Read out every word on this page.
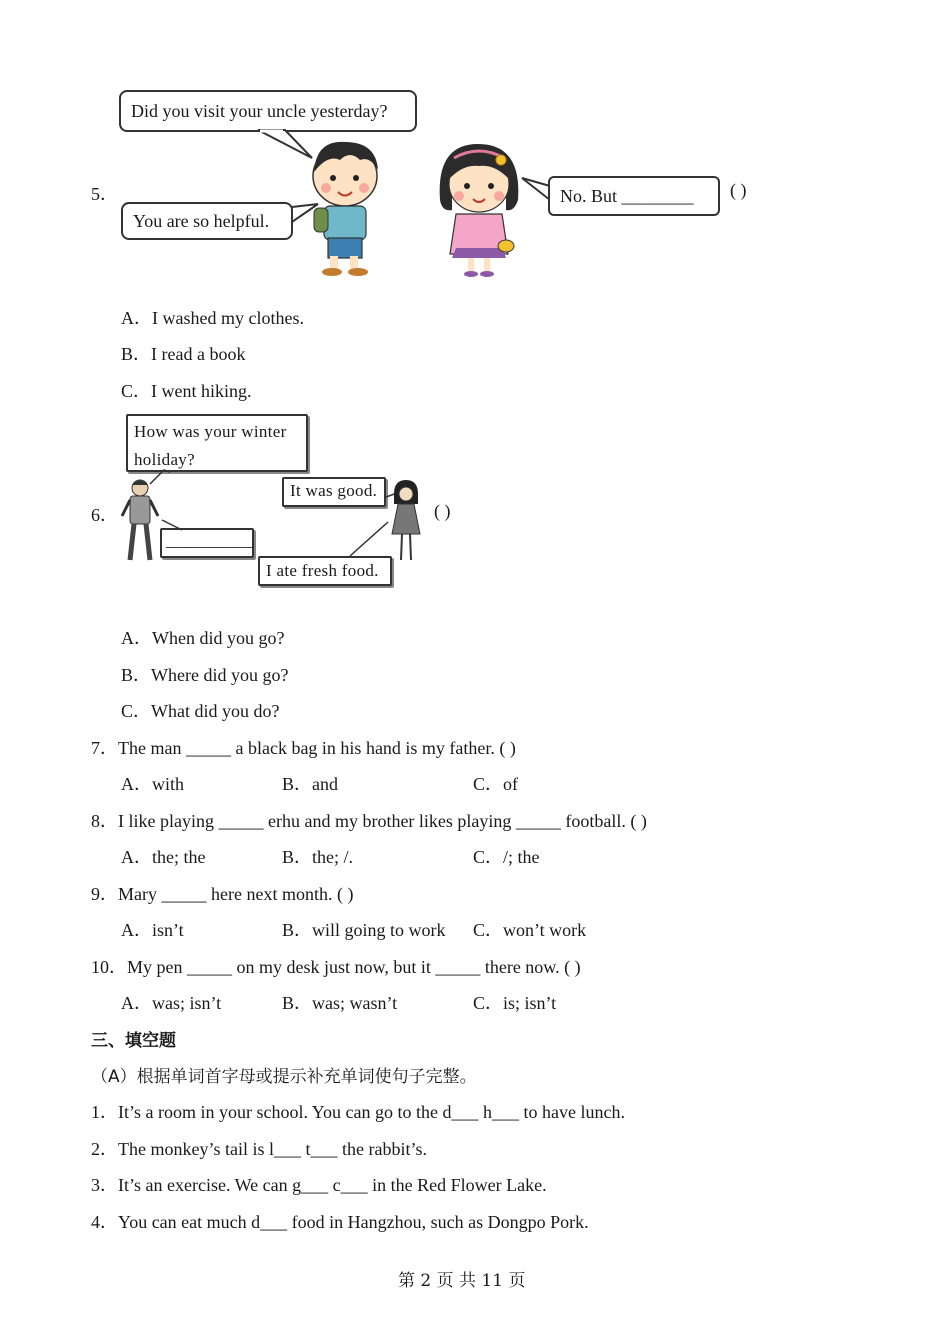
Did you visit your uncle yesterday?
5．
You are so helpful.
No. But ________	( )
A．I washed my clothes.
B．I read a book
C．I went hiking.
How was your winter
holiday?
It was good.
__________
I ate fresh food.
6．	( )
A．When did you go?
B．Where did you go?
C．What did you do?
7．The man _____ a black bag in his hand is my father. ( )
A．with	B．and	C．of
8．I like playing _____ erhu and my brother likes playing _____ football. ( )
A．the; the	B．the; /.	C．/; the
9．Mary _____ here next month. ( )
A．isn’t	B．will going to work C．won’t work
10．My pen _____ on my desk just now, but it _____ there now. ( )
A．was; isn’t	B．was; wasn’t	C．is; isn’t
三、填空题
（A）根据单词首字母或提示补充单词使句子完整。
1．It’s a room in your school. You can go to the d___ h___ to have lunch.
2．The monkey’s tail is l___ t___ the rabbit’s.
3．It’s an exercise. We can g___ c___ in the Red Flower Lake.
4．You can eat much d___ food in Hangzhou, such as Dongpo Pork.
第 2 页 共 11 页
